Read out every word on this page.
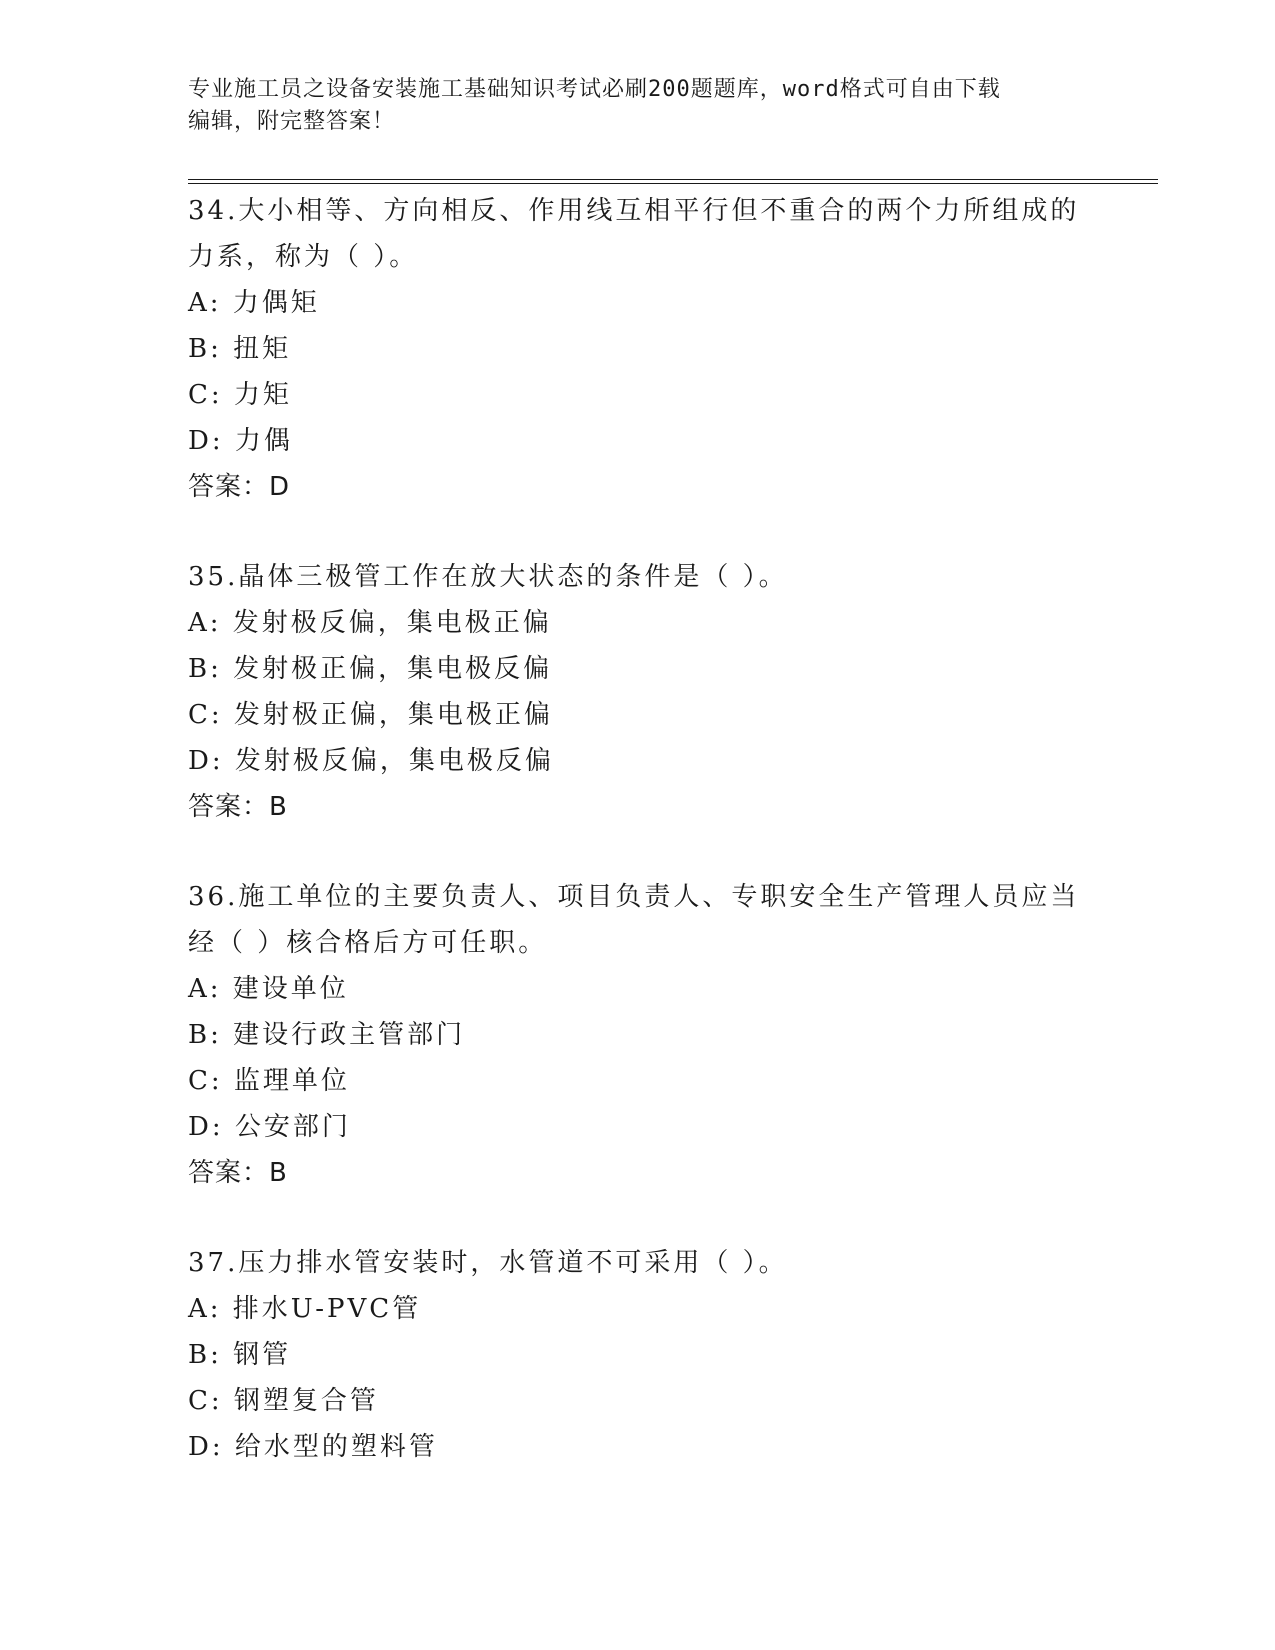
专业施工员之设备安装施工基础知识考试必刷200题题库，word格式可自由下载
编辑，附完整答案！
34.大小相等、方向相反、作用线互相平行但不重合的两个力所组成的
力系，称为（ ）。
A: 力偶矩
B: 扭矩
C: 力矩
D: 力偶
答案：D
35.晶体三极管工作在放大状态的条件是（ ）。
A: 发射极反偏，集电极正偏
B: 发射极正偏，集电极反偏
C: 发射极正偏，集电极正偏
D: 发射极反偏，集电极反偏
答案：B
36.施工单位的主要负责人、项目负责人、专职安全生产管理人员应当
经（ ）核合格后方可任职。
A: 建设单位
B: 建设行政主管部门
C: 监理单位
D: 公安部门
答案：B
37.压力排水管安装时，水管道不可采用（ ）。
A: 排水U-PVC管
B: 钢管
C: 钢塑复合管
D: 给水型的塑料管
